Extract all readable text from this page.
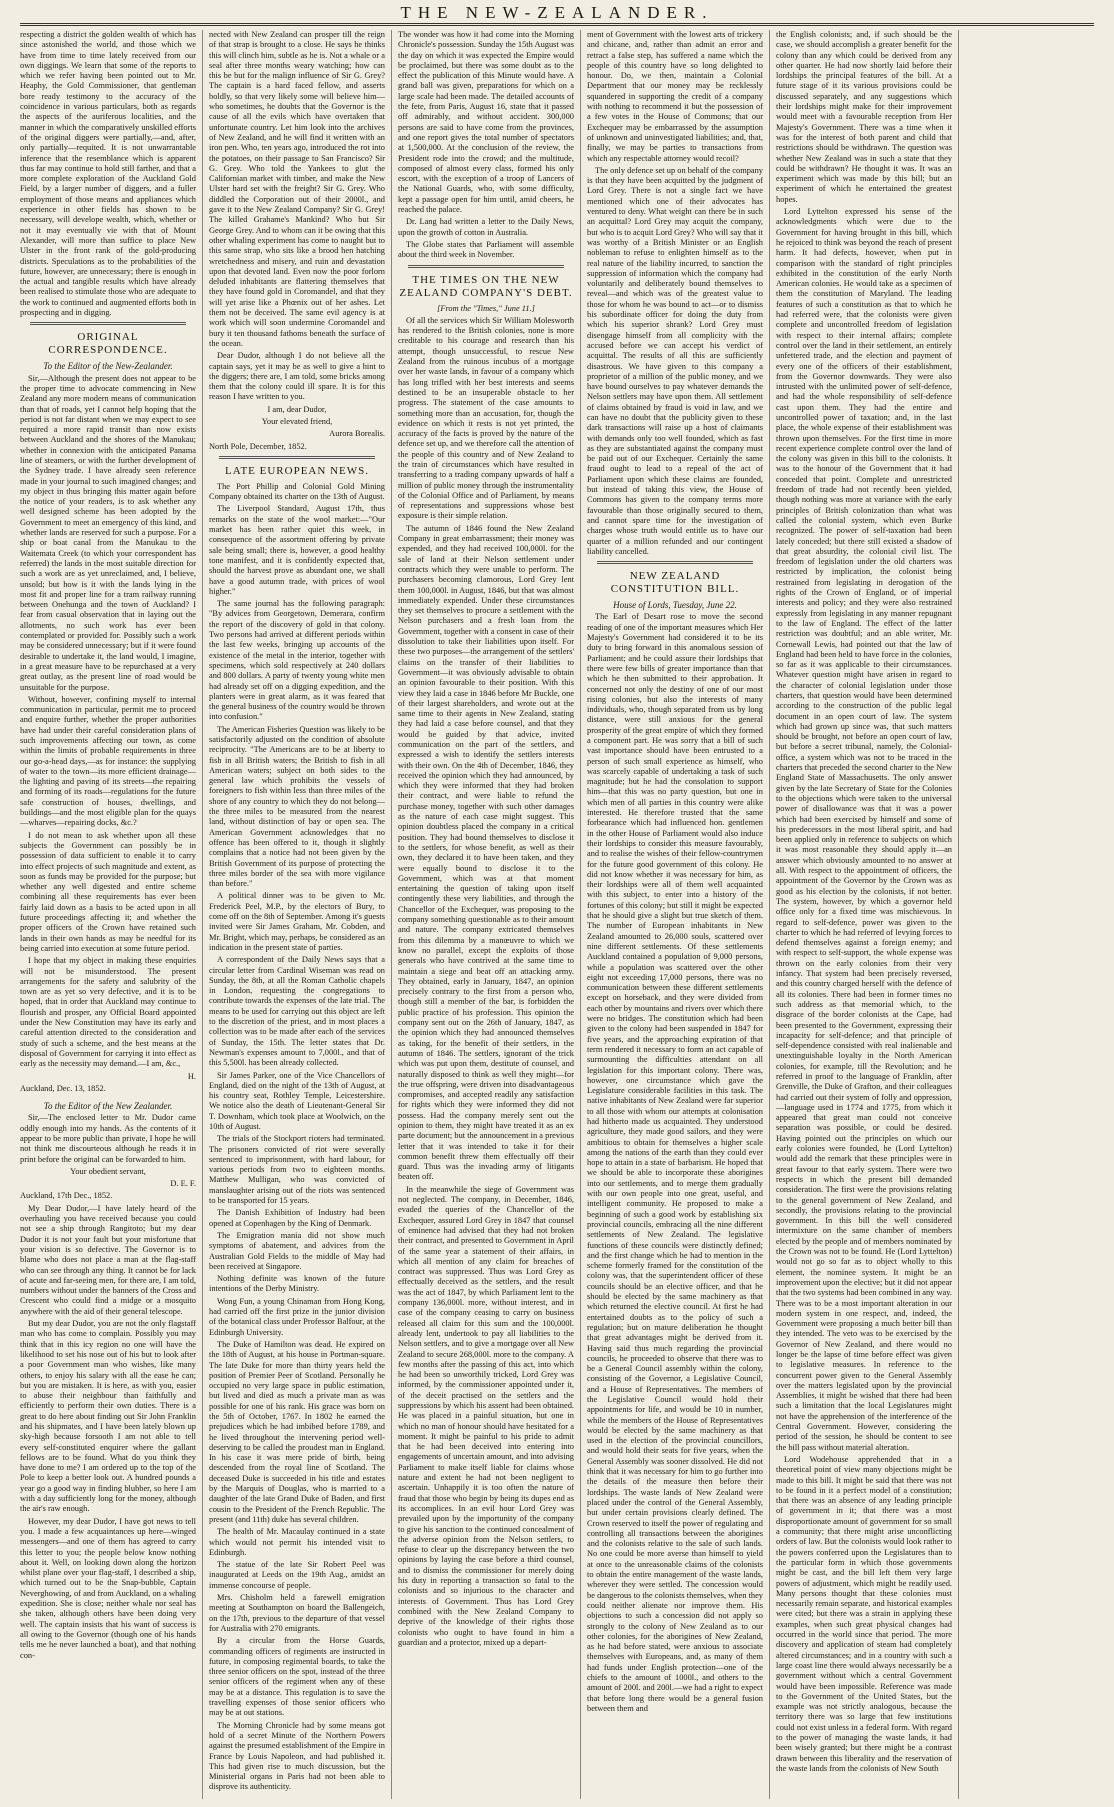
THE NEW-ZEALANDER.

respecting a district the golden wealth of which has since astonished the world, and those which we have from time to time lately received from our own diggings. We learn that some of the reports to which we refer having been pointed out to Mr. Heaphy, the Gold Commissioner, that gentleman bore ready testimony to the accuracy of the coincidence in various particulars, both as regards the aspects of the auriferous localities, and the manner in which the comparatively unskilled efforts of the original diggers were partially,—and, after, only partially—requited. It is not unwarrantable inference that the resemblance which is apparent thus far may continue to hold still farther, and that a more complete exploration of the Auckland Gold Field, by a larger number of diggers, and a fuller employment of those means and appliances which experience in other fields has shown to be necessary, will develope wealth, which, whether or not it may eventually vie with that of Mount Alexander, will more than suffice to place New Ulster in the front rank of the gold-producing districts. Speculations as to the probabilities of the future, however, are unnecessary; there is enough in the actual and tangible results which have already been realised to stimulate those who are adequate to the work to continued and augmented efforts both in prospecting and in digging.

ORIGINAL CORRESPONDENCE.
To the Editor of the New-Zealander.

Sir,—Although the present does not appear to be the proper time to advocate commencing in New Zealand any more modern means of communication than that of roads, yet I cannot help hoping that the period is not far distant when we may expect to see required a more rapid transit than now exists between Auckland and the shores of the Manukau; whether in connexion with the anticipated Panama line of steamers, or with the further development of the Sydney trade. I have already seen reference made in your journal to such imagined changes; and my object in thus bringing this matter again before the notice of your readers, is to ask whether any well designed scheme has been adopted by the Government to meet an emergency of this kind, and whether lands are reserved for such a purpose. For a ship or boat canal from the Manukau to the Waitemata Creek (to which your correspondent has referred) the lands in the most suitable direction for such a work are as yet unreclaimed, and, I believe, unsold; but how is it with the lands lying in the most fit and proper line for a tram railway running between Onehunga and the town of Auckland? I fear from casual observation that in laying out the allotments, no such work has ever been contemplated or provided for. Possibly such a work may be considered unnecessary; but if it were found desirable to undertake it, the land would, I imagine, in a great measure have to be repurchased at a very great outlay, as the present line of road would be unsuitable for the purpose.

Without, however, confining myself to internal communication in particular, permit me to proceed and enquire further, whether the proper authorities have had under their careful consideration plans of such improvements affecting our town, as come within the limits of probable requirements in three our go-a-head days,—as for instance: the supplying of water to the town—its more efficient drainage—the lighting and paving of its streets—the repairing and forming of its roads—regulations for the future safe construction of houses, dwellings, and buildings—and the most eligible plan for the quays—wharves—repairing docks, &c.?

I do not mean to ask whether upon all these subjects the Government can possibly be in possession of data sufficient to enable it to carry into effect projects of such magnitude and extent, as soon as funds may be provided for the purpose; but whether any well digested and entire scheme combining all these requirements has ever been fairly laid down as a basis to be acted upon in all future proceedings affecting it; and whether the proper officers of the Crown have retained such lands in their own hands as may be needful for its being carried into execution at some future period.

I hope that my object in making these enquiries will not be misunderstood. The present arrangements for the safety and salubrity of the town are as yet so very defective, and it is to be hoped, that in order that Auckland may continue to flourish and prosper, any Official Board appointed under the New Constitution may have its early and careful attention directed to the consideration and study of such a scheme, and the best means at the disposal of Government for carrying it into effect as early as the necessity may demand.—I am, &c.,

H.

Auckland, Dec. 13, 1852.

To the Editor of the New Zealander.

Sir,—The enclosed letter to Mr. Dudor came oddly enough into my hands. As the contents of it appear to be more public than private, I hope he will not think me discourteous although he reads it in print before the original can be forwarded to him.

Your obedient servant,

D. E. F.

Auckland, 17th Dec., 1852.

My Dear Dudor,—I have lately heard of the overhauling you have received because you could not see a ship through Rangitoto; but my dear Dudor it is not your fault but your misfortune that your vision is so defective. The Governor is to blame who does not place a man at the flag-staff who can see through any thing. It cannot be for lack of acute and far-seeing men, for there are, I am told, numbers without under the banners of the Cross and Crescent who could find a midge or a mosquito anywhere with the aid of their general telescope.

But my dear Dudor, you are not the only flagstaff man who has come to complain. Possibly you may think that in this icy region no one will have the likelihood to set his nose out of his but to look after a poor Government man who wishes, like many others, to enjoy his salary with all the ease he can; but you are mistaken. It is here, as with you, easier to abuse their neighbour than faithfully and efficiently to perform their own duties. There is a great to do here about finding out Sir John Franklin and his shipmates, and I have been lately blown up sky-high because forsooth I am not able to tell every self-constituted enquirer where the gallant fellows are to be found. What do you think they have done to me? I am ordered up to the top of the Pole to keep a better look out. A hundred pounds a year go a good way in finding blubber, so here I am with a day sufficiently long for the money, although the air's raw enough.

However, my dear Dudor, I have got news to tell you. I made a few acquaintances up here—winged messengers—and one of them has agreed to carry this letter to you; the people below know nothing about it. Well, on looking down along the horizon whilst plane over your flag-staff, I described a ship, which turned out to be the Snap-bubble, Captain Neverghowing, of and from Auckland, on a whaling expedition. She is close; neither whale nor seal has she taken, although others have been doing very well. The captain insists that his want of success is all owing to the Governor (though one of his hands tells me he never launched a boat), and that nothing con-

nected with New Zealand can prosper till the reign of that strap is brought to a close. He says he thinks this will clinch him, subtle as he is. Not a whale or a seal after three months weary watching; how can this be but for the malign influence of Sir G. Grey? The captain is a hard faced fellow, and asserts boldly, so that very likely some will believe him—who sometimes, he doubts that the Governor is the cause of all the evils which have overtaken that unfortunate country. Let him look into the archives of New Zealand, and he will find it written with an iron pen. Who, ten years ago, introduced the rot into the potatoes, on their passage to San Francisco? Sir G. Grey. Who told the Yankees to glut the Californian market with timber, and make the New Ulster hard set with the freight? Sir G. Grey. Who diddled the Corporation out of their 2000l., and gave it to the New Zealand Company? Sir G. Grey! The killed Grahame's Mankind? Who but Sir George Grey. And to whom can it be owing that this other whaling experiment has come to naught but to this same strap, who sits like a brood hen hatching wretchedness and misery, and ruin and devastation upon that devoted land. Even now the poor forlorn deluded inhabitants are flattering themselves that they have found gold in Coromandel, and that they will yet arise like a Phœnix out of her ashes. Let them not be deceived. The same evil agency is at work which will soon undermine Coromandel and bury it ten thousand fathoms beneath the surface of the ocean.

Dear Dudor, although I do not believe all the captain says, yet it may be as well to give a hint to the diggers; there are, I am told, some bricks among them that the colony could ill spare. It is for this reason I have written to you.

I am, dear Dudor,

Your elevated friend,

Aurora Borealis.

North Pole, December, 1852.

LATE EUROPEAN NEWS.

The Port Phillip and Colonial Gold Mining Company obtained its charter on the 13th of August.

The Liverpool Standard, August 17th, thus remarks on the state of the wool market:—"Our market has been rather quiet this week, in consequence of the assortment offering by private sale being small; there is, however, a good healthy tone manifest, and it is confidently expected that, should the harvest prove as abundant one, we shall have a good autumn trade, with prices of wool higher."

The same journal has the following paragraph: "By advices from Georgetown, Demerara, confirm the report of the discovery of gold in that colony. Two persons had arrived at different periods within the last few weeks, bringing up accounts of the existence of the metal in the interior, together with specimens, which sold respectively at 240 dollars and 800 dollars. A party of twenty young white men had already set off on a digging expedition, and the planters were in great alarm, as it was feared that the general business of the country would be thrown into confusion."

The American Fisheries Question was likely to be satisfactorily adjusted on the condition of absolute reciprocity. "The Americans are to be at liberty to fish in all British waters; the British to fish in all American waters; subject on both sides to the general law which prohibits the vessels of foreigners to fish within less than three miles of the shore of any country to which they do not belong—the three miles to be measured from the nearest land, without distinction of bay or open sea. The American Government acknowledges that no offence has been offered to it, though it slightly complains that a notice had not been given by the British Government of its purpose of protecting the three miles border of the sea with more vigilance than before."

A political dinner was to be given to Mr. Frederick Peel, M.P., by the electors of Bury, to come off on the 8th of September. Among it's guests invited were Sir James Graham, Mr. Cobden, and Mr. Bright, which may, perhaps, be considered as an indication in the present state of parties.

A correspondent of the Daily News says that a circular letter from Cardinal Wiseman was read on Sunday, the 8th, at all the Roman Catholic chapels in London, requesting the congregations to contribute towards the expenses of the late trial. The means to be used for carrying out this object are left to the discretion of the priest, and in most places a collection was to be made after each of the services of Sunday, the 15th. The letter states that Dr. Newman's expenses amount to 7,000l., and that of this 5,500l. has been already collected.

Sir James Parker, one of the Vice Chancellors of England, died on the night of the 13th of August, at his country seat, Rothley Temple, Leicestershire. We notice also the death of Lieutenant-General Sir T. Downham, which took place at Woolwich, on the 10th of August.

The trials of the Stockport rioters had terminated. The prisoners convicted of riot were severally sentenced to imprisonment, with hard labour, for various periods from two to eighteen months. Matthew Mulligan, who was convicted of manslaughter arising out of the riots was sentenced to be transported for 15 years.

The Danish Exhibition of Industry had been opened at Copenhagen by the King of Denmark.

The Emigration mania did not show much symptoms of abatement, and advices from the Australian Gold Fields to the middle of May had been received at Singapore.

Nothing definite was known of the future intentions of the Derby Ministry.

Wong Fun, a young Chinaman from Hong Kong, had carried off the first prize in the junior division of the botanical class under Professor Balfour, at the Edinburgh University.

The Duke of Hamilton was dead. He expired on the 18th of August, at his house in Portman-square. The late Duke for more than thirty years held the position of Premier Peer of Scotland. Personally he occupied no very large space in public estimation, but lived and died as much a private man as was possible for one of his rank. His grace was born on the 5th of October, 1767. In 1802 he earned the prejudices which he had imbibed before 1789, and he lived throughout the intervening period well-deserving to be called the proudest man in England. In his case it was mere pride of birth, being descended from the royal line of Scotland. The deceased Duke is succeeded in his title and estates by the Marquis of Douglas, who is married to a daughter of the late Grand Duke of Baden, and first cousin to the President of the French Republic. The present (and 11th) duke has several children.

The health of Mr. Macaulay continued in a state which would not permit his intended visit to Edinburgh.

The statue of the late Sir Robert Peel was inaugurated at Leeds on the 19th Aug., amidst an immense concourse of people.

Mrs. Chisholm held a farewell emigration meeting at Southampton on board the Ballengeich, on the 17th, previous to the departure of that vessel for Australia with 270 emigrants.

By a circular from the Horse Guards, commanding officers of regiments are instructed in future, in composing regimental boards, to take the three senior officers on the spot, instead of the three senior officers of the regiment when any of these may be at a distance. This regulation is to save the travelling expenses of those senior officers who may be at out stations.

The Morning Chronicle had by some means got hold of a secret Minute of the Northern Powers against the presumed establishment of the Empire in France by Louis Napoleon, and had published it. This had given rise to much discussion, but the Ministerial organs in Paris had not been able to disprove its authenticity.

The wonder was how it had come into the Morning Chronicle's possession. Sunday the 15th August was the day on which it was expected the Empire would be proclaimed, but there was some doubt as to the effect the publication of this Minute would have. A grand ball was given, preparations for which on a large scale had been made. The detailed accounts of the fete, from Paris, August 16, state that it passed off admirably, and without accident. 300,000 persons are said to have come from the provinces, and one report gives the total number of spectators at 1,500,000. At the conclusion of the review, the President rode into the crowd; and the multitude, composed of almost every class, formed his only escort, with the exception of a troop of Lancers of the National Guards, who, with some difficulty, kept a passage open for him until, amid cheers, he reached the palace.

Dr. Lang had written a letter to the Daily News, upon the growth of cotton in Australia.

The Globe states that Parliament will assemble about the third week in November.

THE TIMES ON THE NEW ZEALAND COMPANY'S DEBT.

[From the "Times," June 11.]

Of all the services which Sir William Molesworth has rendered to the British colonies, none is more creditable to his courage and research than his attempt, though unsuccessful, to rescue New Zealand from the ruinous incubus of a mortgage over her waste lands, in favour of a company which has long trifled with her best interests and seems destined to be an insuperable obstacle to her progress. The statement of the case amounts to something more than an accusation, for, though the evidence on which it rests is not yet printed, the accuracy of the facts is proved by the nature of the defence set up, and we therefore call the attention of the people of this country and of New Zealand to the train of circumstances which have resulted in transferring to a trading company upwards of half a million of public money through the instrumentality of the Colonial Office and of Parliament, by means of representations and suppressions whose best exposure is their simple relation.

The autumn of 1846 found the New Zealand Company in great embarrassment; their money was expended, and they had received 100,000l. for the sale of land at their Nelson settlement under contracts which they were unable to perform. The purchasers becoming clamorous, Lord Grey lent them 100,000l. in August, 1846, but that was almost immediately expended. Under these circumstances they set themselves to procure a settlement with the Nelson purchasers and a fresh loan from the Government, together with a consent in case of their dissolution to take their liabilities upon itself. For these two purposes—the arrangement of the settlers' claims on the transfer of their liabilities to Government—it was obviously advisable to obtain an opinion favourable to their position. With this view they laid a case in 1846 before Mr Buckle, one of their largest shareholders, and wrote out at the same time to their agents in New Zealand, stating they had laid a case before counsel, and that they would be guided by that advice, invited communication on the part of the settlers, and expressed a wish to identify the settlers interests with their own. On the 4th of December, 1846, they received the opinion which they had announced, by which they were informed that they had broken their contract, and were liable to refund the purchase money, together with such other damages as the nature of each case might suggest. This opinion doubtless placed the company in a critical position. They had bound themselves to disclose it to the settlers, for whose benefit, as well as their own, they declared it to have been taken, and they were equally bound to disclose it to the Government, which was at that moment entertaining the question of taking upon itself contingently these very liabilities, and through the Chancellor of the Exchequer, was proposing to the company something questionable as to their amount and nature. The company extricated themselves from this dilemma by a manœuvre to which we know no parallel, except the exploits of those generals who have contrived at the same time to maintain a siege and beat off an attacking army. They obtained, early in January, 1847, an opinion precisely contrary to the first from a person who, though still a member of the bar, is forbidden the public practice of his profession. This opinion the company sent out on the 26th of January, 1847, as the opinion which they had announced themselves as taking, for the benefit of their settlers, in the autumn of 1846. The settlers, ignorant of the trick which was put upon them, destitute of counsel, and naturally disposed to think as well they might—for the true offspring, were driven into disadvantageous compromises, and accepted readily any satisfaction for rights which they were informed they did not possess. Had the company merely sent out the opinion to them, they might have treated it as an ex parte document; but the announcement in a previous letter that it was intended to take it for their common benefit threw them effectually off their guard. Thus was the invading army of litigants beaten off.

In the meanwhile the siege of Government was not neglected. The company, in December, 1846, evaded the queries of the Chancellor of the Exchequer, assured Lord Grey in 1847 that counsel of eminence had advised that they had not broken their contract, and presented to Government in April of the same year a statement of their affairs, in which all mention of any claim for breaches of contract was suppressed. Thus was Lord Grey as effectually deceived as the settlers, and the result was the act of 1847, by which Parliament lent to the company 136,000l. more, without interest, and in case of the company ceasing to carry on business released all claim for this sum and the 100,000l. already lent, undertook to pay all liabilities to the Nelson settlers, and to give a mortgage over all New Zealand to secure 268,000l. more to the company. A few months after the passing of this act, into which he had been so unworthily tricked, Lord Grey was informed, by the commissioner appointed under it, of the deceit practised on the settlers and the suppressions by which his assent had been obtained. He was placed in a painful situation, but one in which no man of honour should have hesitated for a moment. It might be painful to his pride to admit that he had been deceived into entering into engagements of uncertain amount, and into advising Parliament to make itself liable for claims whose nature and extent he had not been negligent to ascertain. Unhappily it is too often the nature of fraud that those who begin by being its dupes end as its accomplices. In an evil hour Lord Grey was prevailed upon by the importunity of the company to give his sanction to the continued concealment of the adverse opinion from the Nelson settlers, to refuse to clear up the discrepancy between the two opinions by laying the case before a third counsel, and to dismiss the commissioner for merely doing his duty in reporting a transaction so fatal to the colonists and so injurious to the character and interests of Government. Thus has Lord Grey combined with the New Zealand Company to deprive of the knowledge of their rights those colonists who ought to have found in him a guardian and a protector, mixed up a depart-

ment of Government with the lowest arts of trickery and chicane, and, rather than admit an error and retract a false step, has suffered a name which the people of this country have so long delighted to honour. Do, we then, maintain a Colonial Department that our money may be recklessly squandered in supporting the credit of a company with nothing to recommend it but the possession of a few votes in the House of Commons; that our Exchequer may be embarrassed by the assumption of unknown and uninvestigated liabilities; and, that, finally, we may be parties to transactions from which any respectable attorney would recoil?

The only defence set up on behalf of the company is that they have been acquitted by the judgment of Lord Grey. There is not a single fact we have mentioned which one of their advocates has ventured to deny. What weight can there be in such an acquittal? Lord Grey may acquit the company, but who is to acquit Lord Grey? Who will say that it was worthy of a British Minister or an English nobleman to refuse to enlighten himself as to the real nature of the liability incurred, to sanction the suppression of information which the company had voluntarily and deliberately bound themselves to reveal—and which was of the greatest value to those for whom he was bound to act—or to dismiss his subordinate officer for doing the duty from which his superior shrank? Lord Grey must disengage himself from all complicity with the accused before we can accept his verdict of acquittal. The results of all this are sufficiently disastrous. We have given to this company a proprietor of a million of the public money, and we have bound ourselves to pay whatever demands the Nelson settlers may have upon them. All settlement of claims obtained by fraud is void in law, and we can have no doubt that the publicity given to these dark transactions will raise up a host of claimants with demands only too well founded, which as fast as they are substantiated against the company must be paid out of our Exchequer. Certainly the same fraud ought to lead to a repeal of the act of Parliament upon which these claims are founded, but instead of taking this view, the House of Commons has given to the company terms more favourable than those originally secured to them, and cannot spare time for the investigation of charges whose truth would entitle us to have our quarter of a million refunded and our contingent liability cancelled.

NEW ZEALAND CONSTITUTION BILL.
House of Lords, Tuesday, June 22.

The Earl of Desart rose to move the second reading of one of the important measures which Her Majesty's Government had considered it to be its duty to bring forward in this anomalous session of Parliament; and he could assure their lordships that there were few bills of greater importance than that which he then submitted to their approbation. It concerned not only the destiny of one of our most rising colonies, but also the interests of many individuals, who, though separated from us by long distance, were still anxious for the general prosperity of the great empire of which they formed a component part. He was sorry that a bill of such vast importance should have been entrusted to a person of such small experience as himself, who was scarcely capable of undertaking a task of such magnitude; but he had the consolation to support him—that this was no party question, but one in which men of all parties in this country were alike interested. He therefore trusted that the same forbearance which had influenced hon. gentlemen in the other House of Parliament would also induce their lordships to consider this measure favourably, and to realise the wishes of their fellow-countrymen for the future good government of this colony. He did not know whether it was necessary for him, as their lordships were all of them well acquainted with this subject, to enter into a history of the fortunes of this colony; but still it might be expected that he should give a slight but true sketch of them. The number of European inhabitants in New Zealand amounted to 26,000 souls, scattered over nine different settlements. Of these settlements Auckland contained a population of 9,000 persons, while a population was scattered over the other eight not exceeding 17,000 persons, there was no communication between these different settlements except on horseback, and they were divided from each other by mountains and rivers over which there were no bridges. The constitution which had been given to the colony had been suspended in 1847 for five years, and the approaching expiration of that term rendered it necessary to form an act capable of surmounting the difficulties attendant on all legislation for this important colony. There was, however, one circumstance which gave the Legislature considerable facilities in this task. The native inhabitants of New Zealand were far superior to all those with whom our attempts at colonisation had hitherto made us acquainted. They understood agriculture, they made good sailors, and they were ambitious to obtain for themselves a higher scale among the nations of the earth than they could ever hope to attain in a state of barbarism. He hoped that we should be able to incorporate these aborigines into our settlements, and to merge them gradually with our own people into one great, useful, and intelligent community. He proposed to make a beginning of such a good work by establishing six provincial councils, embracing all the nine different settlements of New Zealand. The legislative functions of these councils were distinctly defined; and the first change which he had to mention in the scheme formerly framed for the constitution of the colony was, that the superintendent officer of these councils should be an elective officer, and that he should be elected by the same machinery as that which returned the elective council. At first he had entertained doubts as to the policy of such a regulation; but on mature deliberation he thought that great advantages might be derived from it. Having said thus much regarding the provincial councils, he proceeded to observe that there was to be a General Council assembly within the colony, consisting of the Governor, a Legislative Council, and a House of Representatives. The members of the Legislative Council would hold their appointments for life, and would be 10 in number, while the members of the House of Representatives would be elected by the same machinery as that used in the election of the provincial councillors, and would hold their seats for five years, when the General Assembly was sooner dissolved. He did not think that it was necessary for him to go further into the details of the measure then before their lordships. The waste lands of New Zealand were placed under the control of the General Assembly, but under certain provisions clearly defined. The Crown reserved to itself the power of regulating and controlling all transactions between the aborigines and the colonists relative to the sale of such lands. No one could be more averse than himself to yield at once to the unreasonable claims of the colonists to obtain the entire management of the waste lands, wherever they were settled. The concession would be dangerous to the colonists themselves, when they could neither alienate nor improve them. His objections to such a concession did not apply so strongly to the colony of New Zealand as to our other colonies, for the aborigines of New Zealand, as he had before stated, were anxious to associate themselves with Europeans, and, as many of them had funds under English protection—one of the chiefs to the amount of 1000l., and others to the amount of 200l. and 200l.—we had a right to expect that before long there would be a general fusion between them and

the English colonists; and, if such should be the case, we should accomplish a greater benefit for the colony than any which could be derived from any other quarter. He had now shortly laid before their lordships the principal features of the bill. At a future stage of it its various provisions could be discussed separately, and any suggestions which their lordships might make for their improvement would meet with a favourable reception from Her Majesty's Government. There was a time when it was for the interest of both parent and child that restrictions should be withdrawn. The question was whether New Zealand was in such a state that they could be withdrawn? He thought it was. It was an experiment which was made by this bill; but an experiment of which he entertained the greatest hopes.

Lord Lyttelton expressed his sense of the acknowledgments which were due to the Government for having brought in this bill, which he rejoiced to think was beyond the reach of present harm. It had defects, however, when put in comparison with the standard of right principles exhibited in the constitution of the early North American colonies. He would take as a specimen of them the constitution of Maryland. The leading features of such a constitution as that to which he had referred were, that the colonists were given complete and uncontrolled freedom of legislation with respect to their internal affairs; complete control over the land in their settlement, an entirely unfettered trade, and the election and payment of every one of the officers of their establishment, from the Governor downwards. They were also intrusted with the unlimited power of self-defence, and had the whole responsibility of self-defence cast upon them. They had the entire and uncontrolled power of taxation; and, in the last place, the whole expense of their establishment was thrown upon themselves. For the first time in more recent experience complete control over the land of the colony was given in this bill to the colonists. It was to the honour of the Government that it had conceded that point. Complete and unrestricted freedom of trade had not recently been yielded, though nothing was more at variance with the early principles of British colonization than what was called the colonial system, which even Burke recognized. The power of self-taxation had been lately conceded; but there still existed a shadow of that great absurdity, the colonial civil list. The freedom of legislation under the old charters was restricted by implication, the colonist being restrained from legislating in derogation of the rights of the Crown of England, or of imperial interests and policy; and they were also restrained expressly from legislating in any manner repugnant to the law of England. The effect of the latter restriction was doubtful; and an able writer, Mr. Cornewall Lewis, had pointed out that the law of England had been held to have force in the colonies, so far as it was applicable to their circumstances. Whatever question might have arisen in regard to the character of colonial legislation under those charters, that question would have been determined according to the construction of the public legal document in an open court of law. The system which had grown up since was, that such matters should be brought, not before an open court of law, but before a secret tribunal, namely, the Colonial-office, a system which was not to be traced in the charters that preceded the second charter to the New England State of Massachusetts. The only answer given by the late Secretary of State for the Colonies to the objections which were taken to the universal power of disallowance was that it was a power which had been exercised by himself and some of his predecessors in the most liberal spirit, and had been applied only in reference to subjects on which it was most reasonable they should apply it—an answer which obviously amounted to no answer at all. With respect to the appointment of officers, the appointment of the Governor by the Crown was as good as his election by the colonists, if not better. The system, however, by which a governor held office only for a fixed time was mischievous. In regard to self-defence, power was given to the charter to which he had referred of levying forces to defend themselves against a foreign enemy; and with respect to self-support, the whole expense was thrown on the early colonies from their very infancy. That system had been precisely reversed, and this country charged herself with the defence of all its colonies. There had been in former times no such address as that memorial which, to the disgrace of the border colonists at the Cape, had been presented to the Government, expressing their incapacity for self-defence; and that principle of self-dependence consisted with real inalienable and unextinguishable loyalty in the North American colonies, for example, till the Revolution; and he referred in proof to the language of Franklin, after Grenville, the Duke of Grafton, and their colleagues had carried out their system of folly and oppression,—language used in 1774 and 1775, from which it appeared that great man could not conceive separation was possible, or could be desired. Having pointed out the principles on which our early colonies were founded, he (Lord Lyttelton) would add the remark that these principles were in great favour to that early system. There were two respects in which the present bill demanded consideration. The first were the provisions relating to the general government of New Zealand, and secondly, the provisions relating to the provincial government. In this bill the well considered intermixture on the same chamber of members elected by the people and of members nominated by the Crown was not to be found. He (Lord Lyttelton) would not go so far as to object wholly to this element, the nominee system. It might be an improvement upon the elective; but it did not appear that the two systems had been combined in any way. There was to be a most important alteration in our modern system in one respect, and, indeed, the Government were proposing a much better bill than they intended. The veto was to be exercised by the Governor of New Zealand, and there would no longer be the lapse of time before effect was given to legislative measures. In reference to the concurrent power given to the General Assembly over the matters legislated upon by the provincial Assemblies, it might be wished that there had been such a limitation that the local Legislatures might not have the apprehension of the interference of the Central Government. However, considering the period of the session, he should be content to see the bill pass without material alteration.

Lord Wodehouse apprehended that in a theoretical point of view many objections might be made to this bill. It might be said that there was not to be found in it a perfect model of a constitution; that there was an absence of any leading principle of government in it; that there was a most disproportionate amount of government for so small a community; that there might arise unconflicting orders of law. But the colonists would look rather to the powers conferred upon the Legislatures than to the particular form in which those governments might be cast, and the bill left them very large powers of adjustment, which might be readily used. Many persons thought that these colonies must necessarily remain separate, and historical examples were cited; but there was a strain in applying these examples, when such great physical changes had occurred in the world since that period. The more discovery and application of steam had completely altered circumstances; and in a country with such a large coast line there would always necessarily be a government without which a central Government would have been impossible. Reference was made to the Government of the United States, but the example was not strictly analogous, because the territory there was so large that few institutions could not exist unless in a federal form. With regard to the power of managing the waste lands, it had been wisely granted; but there might be a contrast drawn between this liberality and the reservation of the waste lands from the colonists of New South
